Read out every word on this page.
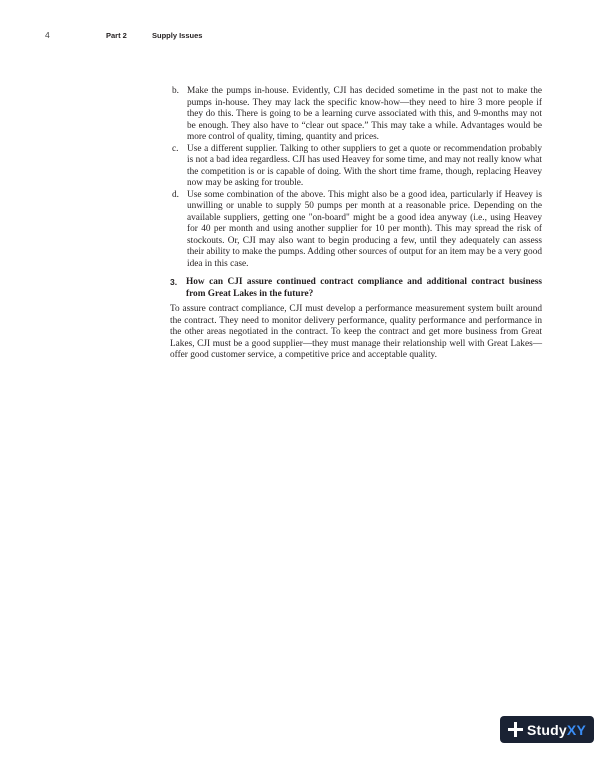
4	Part 2	Supply Issues
b. Make the pumps in-house. Evidently, CJI has decided sometime in the past not to make the pumps in-house. They may lack the specific know-how—they need to hire 3 more people if they do this. There is going to be a learning curve associated with this, and 9-months may not be enough. They also have to “clear out space.” This may take a while. Advantages would be more control of quality, timing, quantity and prices.
c. Use a different supplier. Talking to other suppliers to get a quote or recommendation probably is not a bad idea regardless. CJI has used Heavey for some time, and may not really know what the competition is or is capable of doing. With the short time frame, though, replacing Heavey now may be asking for trouble.
d. Use some combination of the above. This might also be a good idea, particularly if Heavey is unwilling or unable to supply 50 pumps per month at a reasonable price. Depending on the available suppliers, getting one "on-board" might be a good idea anyway (i.e., using Heavey for 40 per month and using another supplier for 10 per month). This may spread the risk of stockouts. Or, CJI may also want to begin producing a few, until they adequately can assess their ability to make the pumps. Adding other sources of output for an item may be a very good idea in this case.
3. How can CJI assure continued contract compliance and additional contract business from Great Lakes in the future?

To assure contract compliance, CJI must develop a performance measurement system built around the contract. They need to monitor delivery performance, quality performance and performance in the other areas negotiated in the contract. To keep the contract and get more business from Great Lakes, CJI must be a good supplier—they must manage their relationship well with Great Lakes—offer good customer service, a competitive price and acceptable quality.

StudyXY
